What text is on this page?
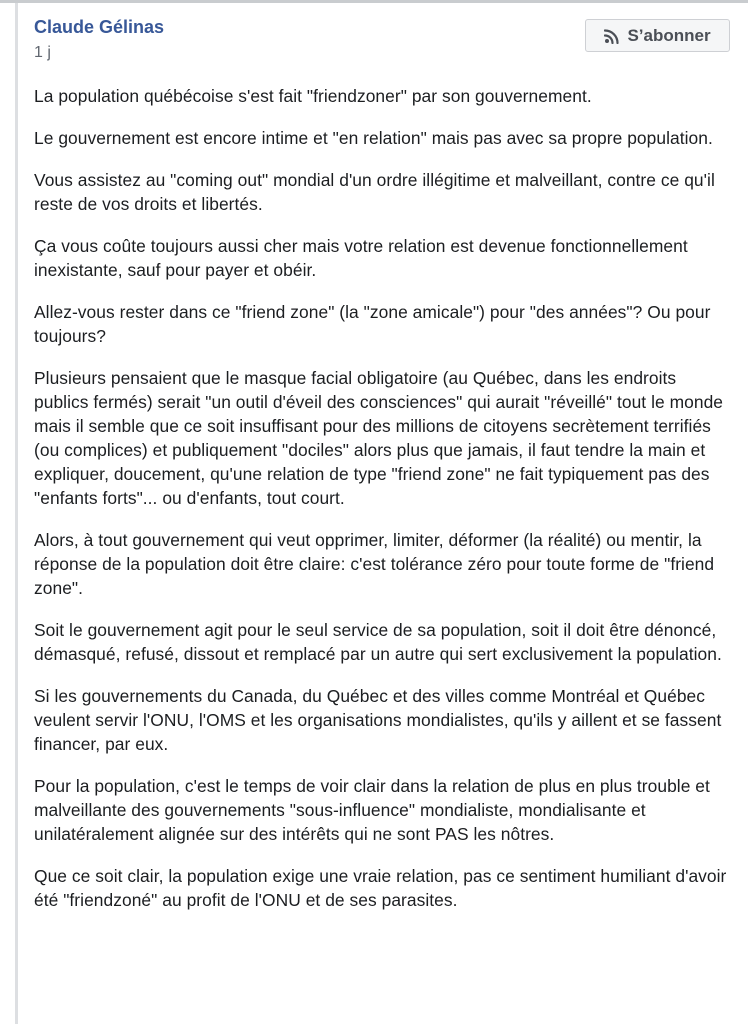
Claude Gélinas
1 j
S’abonner

La population québécoise s'est fait "friendzoner" par son gouvernement.

Le gouvernement est encore intime et "en relation" mais pas avec sa propre population.

Vous assistez au "coming out" mondial d'un ordre illégitime et malveillant, contre ce qu'il reste de vos droits et libertés.

Ça vous coûte toujours aussi cher mais votre relation est devenue fonctionnellement inexistante, sauf pour payer et obéir.

Allez-vous rester dans ce "friend zone" (la "zone amicale") pour "des années"? Ou pour toujours?

Plusieurs pensaient que le masque facial obligatoire (au Québec, dans les endroits publics fermés) serait "un outil d'éveil des consciences" qui aurait "réveillé" tout le monde mais il semble que ce soit insuffisant pour des millions de citoyens secrètement terrifiés (ou complices) et publiquement "dociles" alors plus que jamais, il faut tendre la main et expliquer, doucement, qu'une relation de type "friend zone" ne fait typiquement pas des "enfants forts"... ou d'enfants, tout court.

Alors, à tout gouvernement qui veut opprimer, limiter, déformer (la réalité) ou mentir, la réponse de la population doit être claire: c'est tolérance zéro pour toute forme de "friend zone".

Soit le gouvernement agit pour le seul service de sa population, soit il doit être dénoncé, démasqué, refusé, dissout et remplacé par un autre qui sert exclusivement la population.

Si les gouvernements du Canada, du Québec et des villes comme Montréal et Québec veulent servir l'ONU, l'OMS et les organisations mondialistes, qu'ils y aillent et se fassent financer, par eux.

Pour la population, c'est le temps de voir clair dans la relation de plus en plus trouble et malveillante des gouvernements "sous-influence" mondialiste, mondialisante et unilatéralement alignée sur des intérêts qui ne sont PAS les nôtres.

Que ce soit clair, la population exige une vraie relation, pas ce sentiment humiliant d'avoir été "friendzoné" au profit de l'ONU et de ses parasites.
